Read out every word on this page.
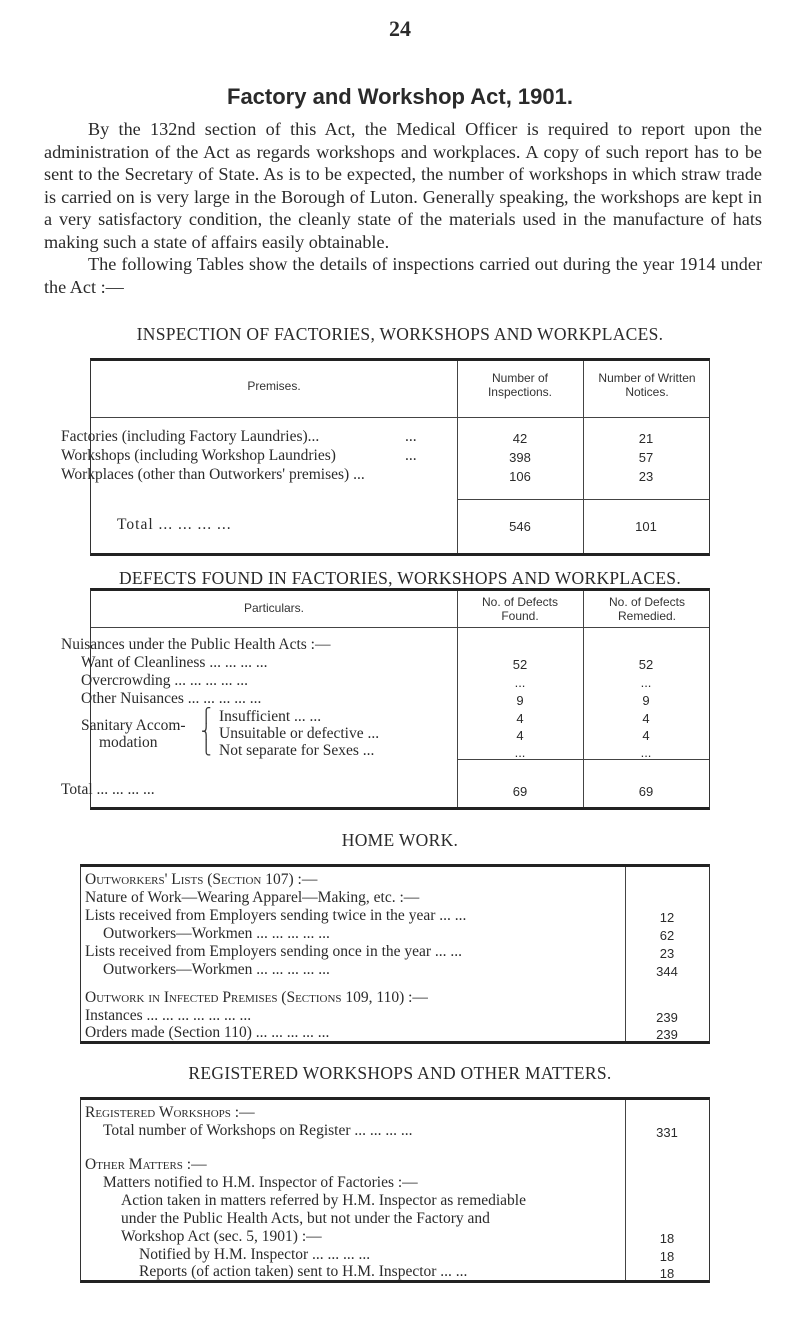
24
Factory and Workshop Act, 1901.

By the 132nd section of this Act, the Medical Officer is required to report upon the administration of the Act as regards workshops and workplaces. A copy of such report has to be sent to the Secretary of State. As is to be expected, the number of workshops in which straw trade is carried on is very large in the Borough of Luton. Generally speaking, the workshops are kept in a very satisfactory condition, the cleanly state of the materials used in the manufacture of hats making such a state of affairs easily obtainable.

The following Tables show the details of inspections carried out during the year 1914 under the Act :—

INSPECTION OF FACTORIES, WORKSHOPS AND WORKPLACES.
Premises.
Number of Inspections.
Number of Written Notices.
Factories (including Factory Laundries)...	...	42	21
Workshops (including Workshop Laundries)	...	398	57
Workplaces (other than Outworkers' premises) ...	106	23
Total ... ... ... ...	546	101
DEFECTS FOUND IN FACTORIES, WORKSHOPS AND WORKPLACES.
Particulars.	No. of Defects Found.
No. of Defects Remedied.
Nuisances under the Public Health Acts :—
Want of Cleanliness ... ... ... ...	52	52
Overcrowding ... ... ... ... ...	...	...
Other Nuisances ... ... ... ... ...	9	9
Sanitary Accom-
modation
⎧
⎨
⎩
Insufficient ... ...	4	4
Unsuitable or defective ...	4	4
Not separate for Sexes ...	...	...
Total ... ... ... ...	69	69
HOME WORK.
Outworkers' Lists (Section 107) :—
Nature of Work—Wearing Apparel—Making, etc. :—
Lists received from Employers sending twice in the year ... ...	12
Outworkers—Workmen ... ... ... ... ...	62
Lists received from Employers sending once in the year ... ...	23
Outworkers—Workmen ... ... ... ... ...	344
Outwork in Infected Premises (Sections 109, 110) :—
Instances ... ... ... ... ... ... ...	239
Orders made (Section 110) ... ... ... ... ...	239
REGISTERED WORKSHOPS AND OTHER MATTERS.
Registered Workshops :—
Total number of Workshops on Register ... ... ... ...	331
Other Matters :—
Matters notified to H.M. Inspector of Factories :—
Action taken in matters referred by H.M. Inspector as remediable
under the Public Health Acts, but not under the Factory and
Workshop Act (sec. 5, 1901) :—	18
Notified by H.M. Inspector ... ... ... ...	18
Reports (of action taken) sent to H.M. Inspector ... ...	18
